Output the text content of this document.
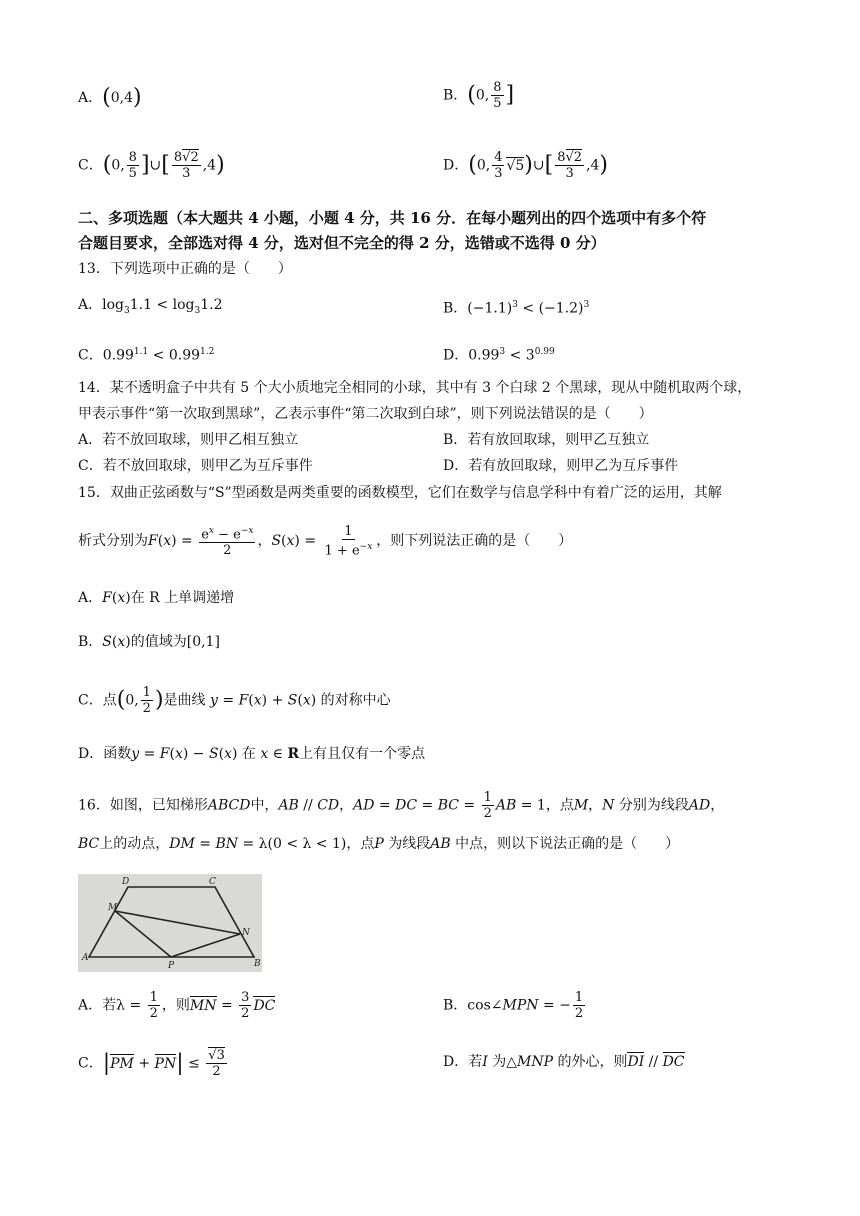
A．(0,4)	B．(0, $\frac{8}{5}$ ]
C．(0, $\frac{8}{5}$ ]∪[ $\frac{8√2}{3} ,4$)	D．(0, $\frac{4}{3}$ √5)∪[ $\frac{8√2}{3} ,4$)
二、多项选题（本大题共 4 小题，小题 4 分，共 16 分．在每小题列出的四个选项中有多个符
合题目要求，全部选对得 4 分，选对但不完全的得 2 分，选错或不选得 0 分）
13．下列选项中正确的是（　　）
A．$\log_31.1 < \log_31.2$	B．$(-1.1)^3 < (-1.2)^3$
C．$0.99^{1.1} < 0.99^{1.2}$	D．$0.99^3 < 3^{0.99}$
14．某不透明盒子中共有 5 个大小质地完全相同的小球，其中有 3 个白球 2 个黑球，现从中随机取两个球，
甲表示事件“第一次取到黑球”，乙表示事件“第二次取到白球”，则下列说法错误的是（　　）
A．若不放回取球，则甲乙相互独立	B．若有放回取球，则甲乙互独立
C．若不放回取球，则甲乙为互斥事件	D．若有放回取球，则甲乙为互斥事件
15．双曲正弦函数与“S”型函数是两类重要的函数模型，它们在数学与信息学科中有着广泛的运用，其解
析式分别为$F(x) = \frac{e^x - e^{-x}}{2}$ ，$S(x) = \frac{1}{1 + e^{-x}}$ ，则下列说法正确的是（　　）
A．F(x)在 R 上单调递增
B．S(x)的值域为[0,1]
C．点(0, $\frac{1}{2}$ )是曲线 y = F(x) + S(x) 的对称中心
D．函数y = F(x) − S(x) 在 x ∈ R上有且仅有一个零点
16．如图，已知梯形ABCD中，AB // CD，AD = DC = BC = $\frac{1}{2}$ AB = 1，点M，N 分别为线段AD，
BC上的动点，DM = BN = λ(0 < λ < 1)，点P 为线段AB 中点，则以下说法正确的是（　　）
D	C
M
N
A
P	B
A．若$\lambda = \frac{1}{2}$ ，则MN = $\frac{3}{2}$ DC	B．cos∠MPN = − $\frac{1}{2}$
C．$|PM + PN| \le \frac{√3}{2}$	D．若I 为△MNP 的外心，则DI // DC
